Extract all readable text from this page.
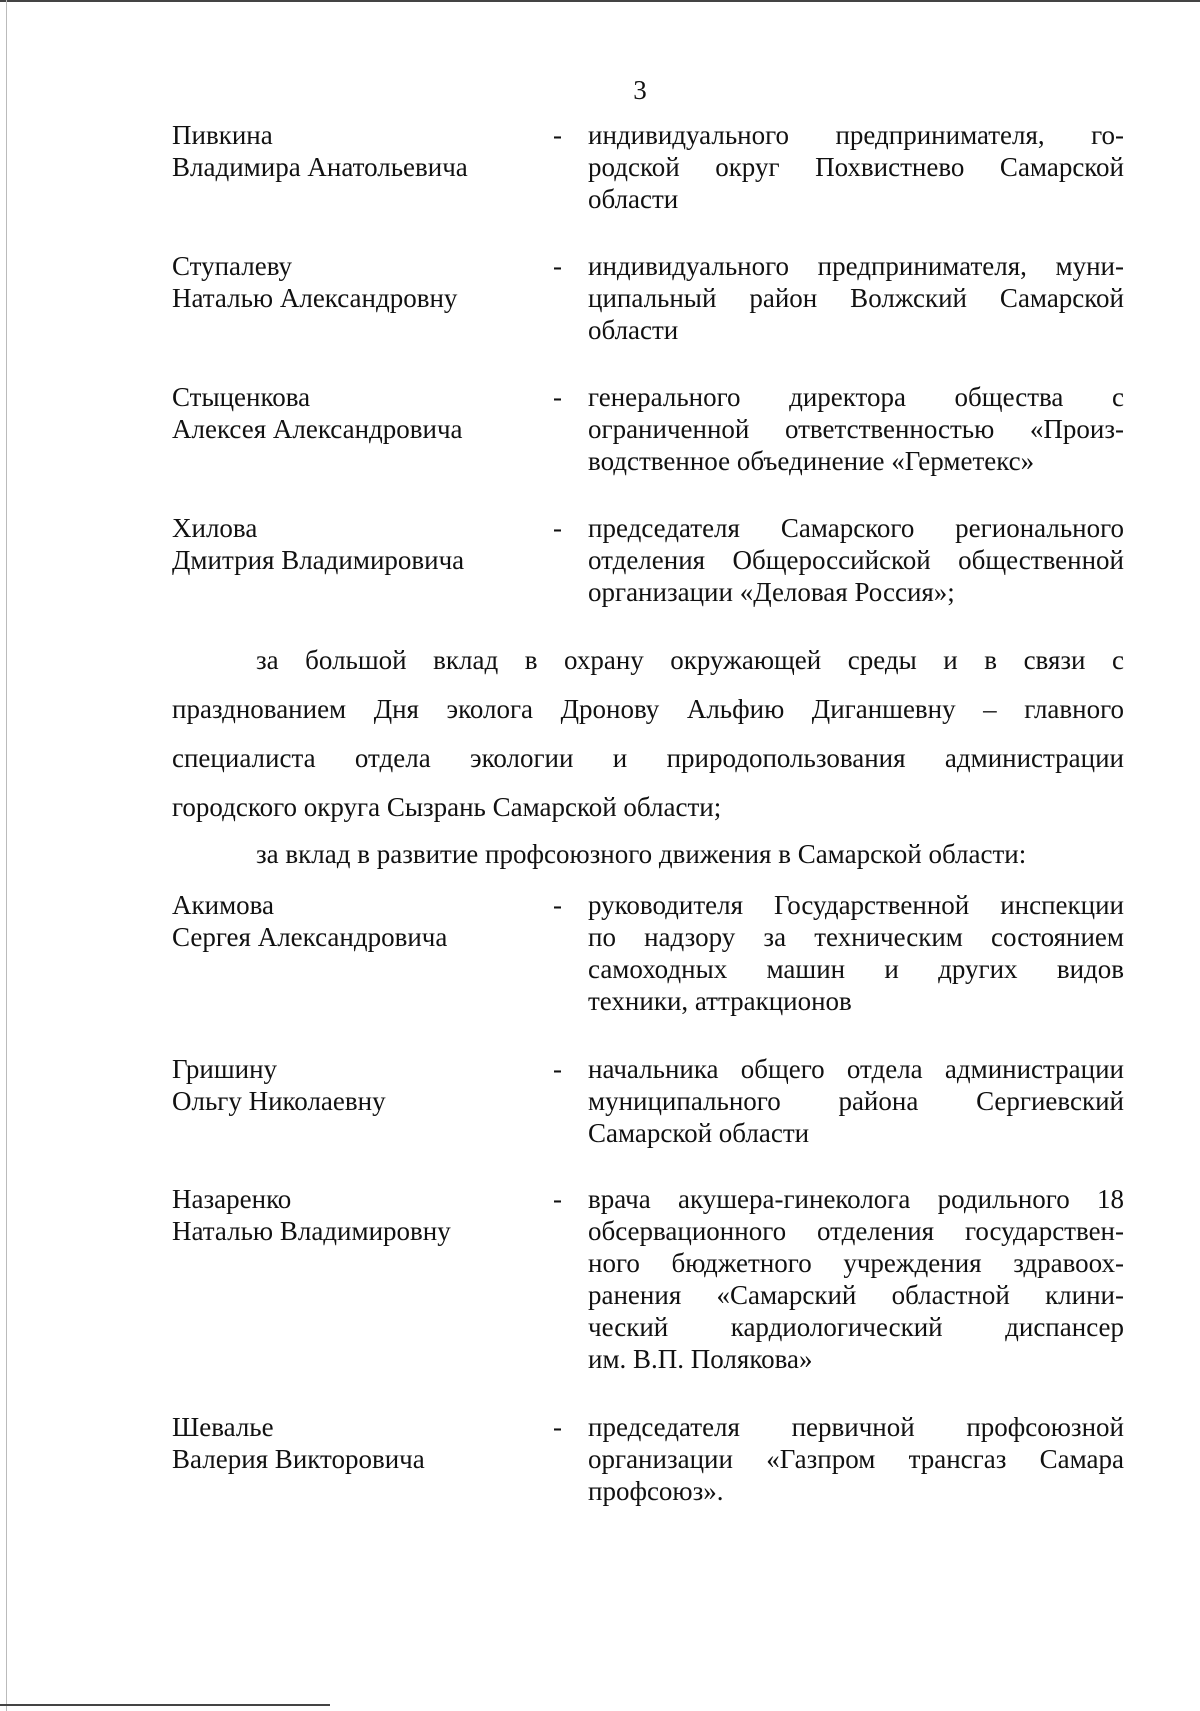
3
Пивкина
Владимира Анатольевича
- индивидуального предпринимателя, го-
родской округ Похвистнево Самарской
области
Ступалеву
Наталью Александровну
- индивидуального предпринимателя, муни-
ципальный район Волжский Самарской
области
Стыценкова
Алексея Александровича
- генерального директора общества с
ограниченной ответственностью «Произ-
водственное объединение «Герметекс»
Хилова
Дмитрия Владимировича
- председателя Самарского регионального
отделения Общероссийской общественной
организации «Деловая Россия»;
за большой вклад в охрану окружающей среды и в связи с
празднованием Дня эколога Дронову Альфию Диганшевну – главного
специалиста отдела экологии и природопользования администрации
городского округа Сызрань Самарской области;
за вклад в развитие профсоюзного движения в Самарской области:
Акимова
Сергея Александровича
- руководителя Государственной инспекции
по надзору за техническим состоянием
самоходных машин и других видов
техники, аттракционов
Гришину
Ольгу Николаевну
- начальника общего отдела администрации
муниципального района Сергиевский
Самарской области
Назаренко
Наталью Владимировну
- врача акушера-гинеколога родильного 18
обсервационного отделения государствен-
ного бюджетного учреждения здравоох-
ранения «Самарский областной клини-
ческий кардиологический диспансер
им. В.П. Полякова»
Шевалье
Валерия Викторовича
- председателя первичной профсоюзной
организации «Газпром трансгаз Самара
профсоюз».
